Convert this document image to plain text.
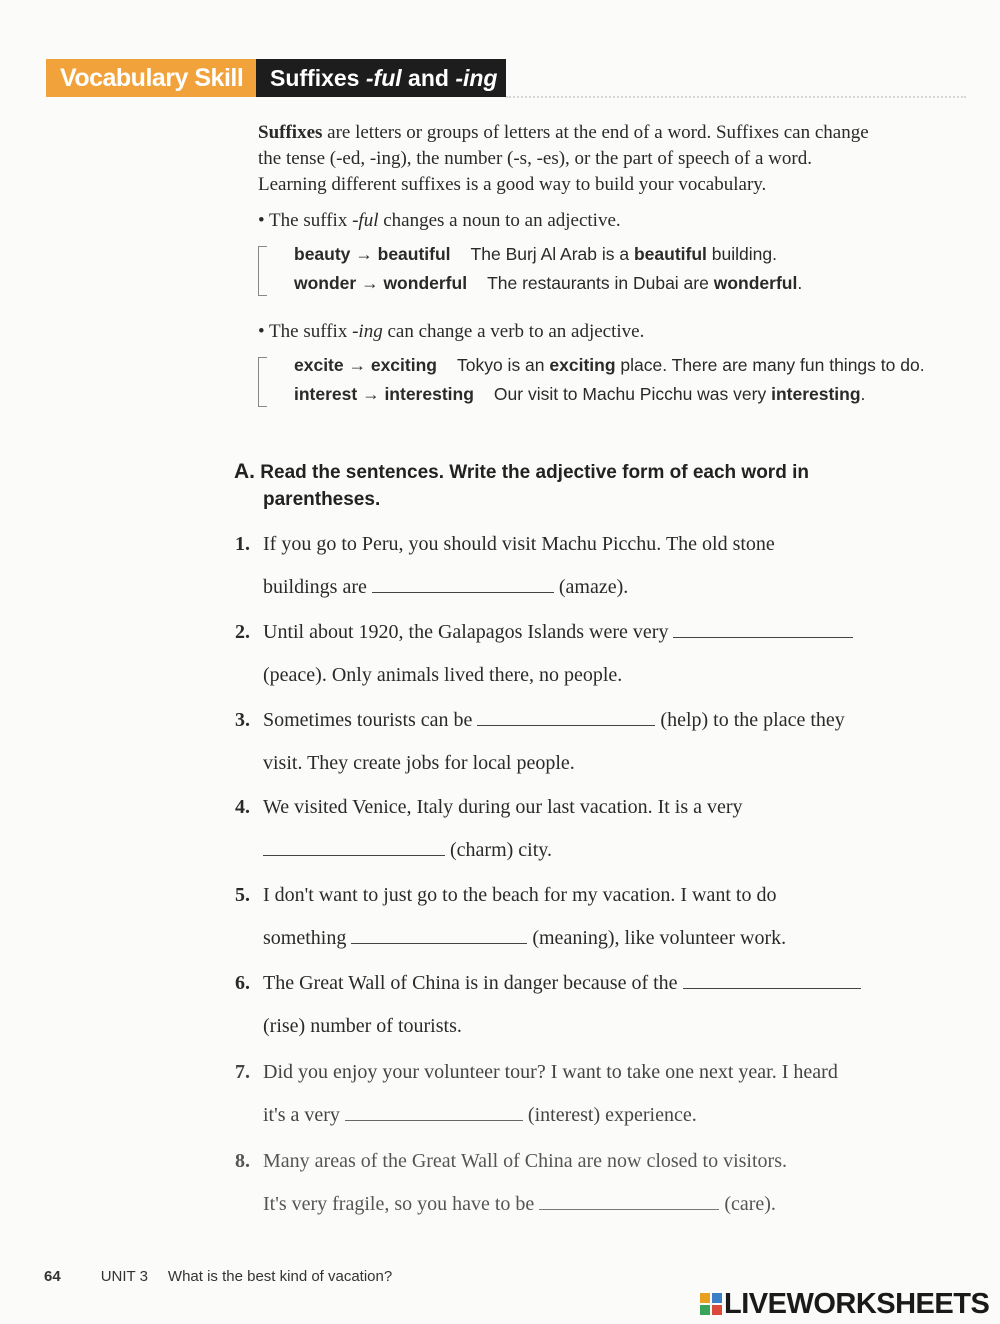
Vocabulary Skill	Suffixes -ful and -ing
Suffixes are letters or groups of letters at the end of a word. Suffixes can change
the tense (-ed, -ing), the number (-s, -es), or the part of speech of a word.
Learning different suffixes is a good way to build your vocabulary.
• The suffix -ful changes a noun to an adjective.
beauty → beautiful The Burj Al Arab is a beautiful building.
wonder → wonderful The restaurants in Dubai are wonderful.
• The suffix -ing can change a verb to an adjective.
excite → exciting Tokyo is an exciting place. There are many fun things to do.
interest → interesting Our visit to Machu Picchu was very interesting.
A. Read the sentences. Write the adjective form of each word in
parentheses.
1. If you go to Peru, you should visit Machu Picchu. The old stone
buildings are	(amaze).
2. Until about 1920, the Galapagos Islands were very
(peace). Only animals lived there, no people.
3. Sometimes tourists can be	(help) to the place they
visit. They create jobs for local people.
4. We visited Venice, Italy during our last vacation. It is a very
(charm) city.
5. I don't want to just go to the beach for my vacation. I want to do
something	(meaning), like volunteer work.
6. The Great Wall of China is in danger because of the
(rise) number of tourists.
7. Did you enjoy your volunteer tour? I want to take one next year. I heard
it's a very	(interest) experience.
8. Many areas of the Great Wall of China are now closed to visitors.
It's very fragile, so you have to be	(care).
64	UNIT 3 What is the best kind of vacation?
LIVEWORKSHEETS
